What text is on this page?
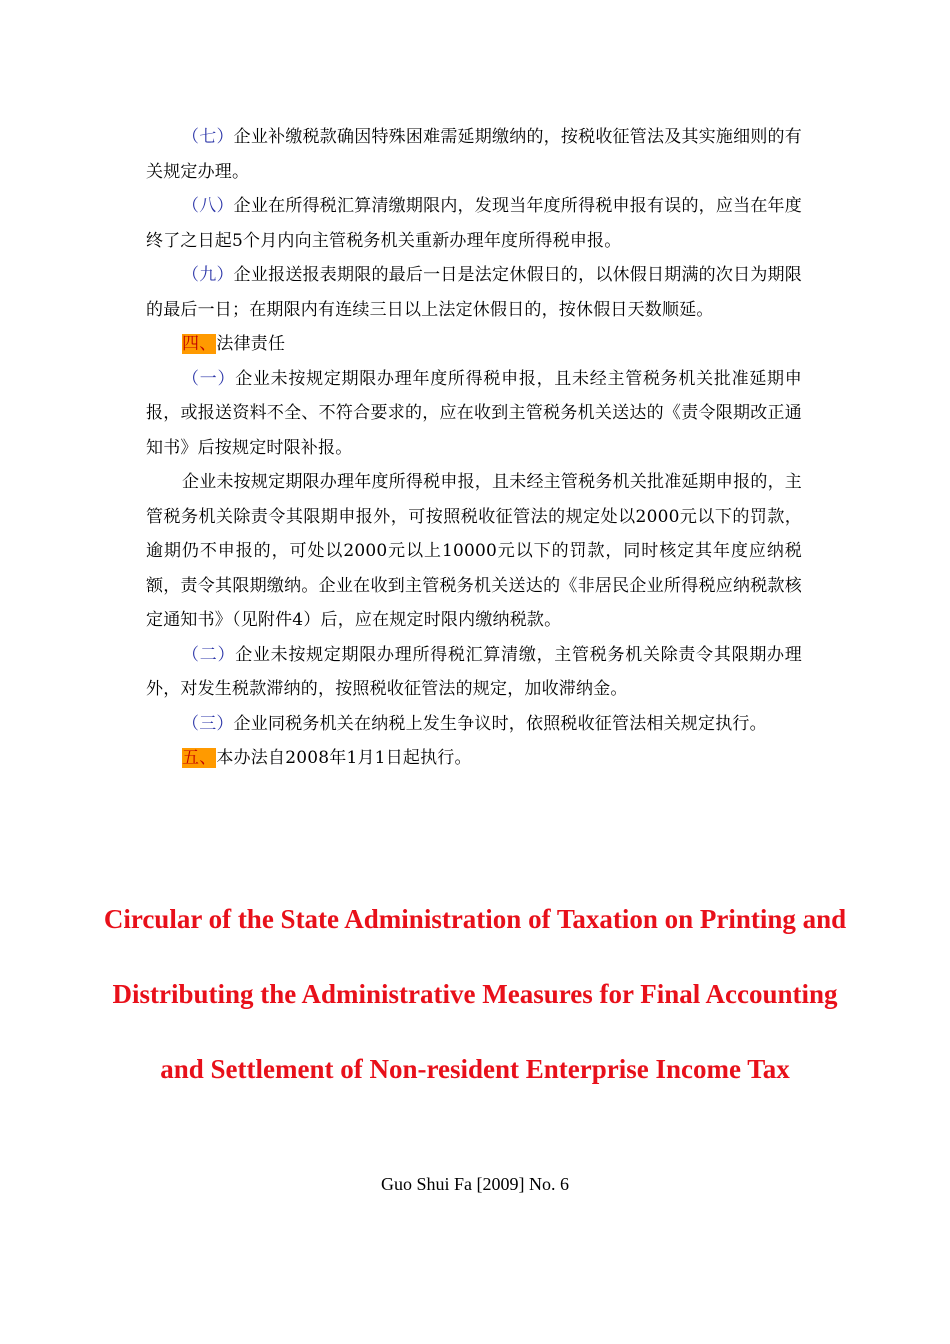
（七）企业补缴税款确因特殊困难需延期缴纳的，按税收征管法及其实施细则的有关规定办理。

（八）企业在所得税汇算清缴期限内，发现当年度所得税申报有误的，应当在年度终了之日起5个月内向主管税务机关重新办理年度所得税申报。

（九）企业报送报表期限的最后一日是法定休假日的，以休假日期满的次日为期限的最后一日；在期限内有连续三日以上法定休假日的，按休假日天数顺延。

四、法律责任

（一）企业未按规定期限办理年度所得税申报，且未经主管税务机关批准延期申报，或报送资料不全、不符合要求的，应在收到主管税务机关送达的《责令限期改正通知书》后按规定时限补报。

企业未按规定期限办理年度所得税申报，且未经主管税务机关批准延期申报的，主管税务机关除责令其限期申报外，可按照税收征管法的规定处以2000元以下的罚款，逾期仍不申报的，可处以2000元以上10000元以下的罚款，同时核定其年度应纳税额，责令其限期缴纳。企业在收到主管税务机关送达的《非居民企业所得税应纳税款核定通知书》（见附件4）后，应在规定时限内缴纳税款。

（二）企业未按规定期限办理所得税汇算清缴，主管税务机关除责令其限期办理外，对发生税款滞纳的，按照税收征管法的规定，加收滞纳金。

（三）企业同税务机关在纳税上发生争议时，依照税收征管法相关规定执行。

五、本办法自2008年1月1日起执行。

Circular of the State Administration of Taxation on Printing and Distributing the Administrative Measures for Final Accounting and Settlement of Non-resident Enterprise Income Tax

Guo Shui Fa [2009] No. 6
